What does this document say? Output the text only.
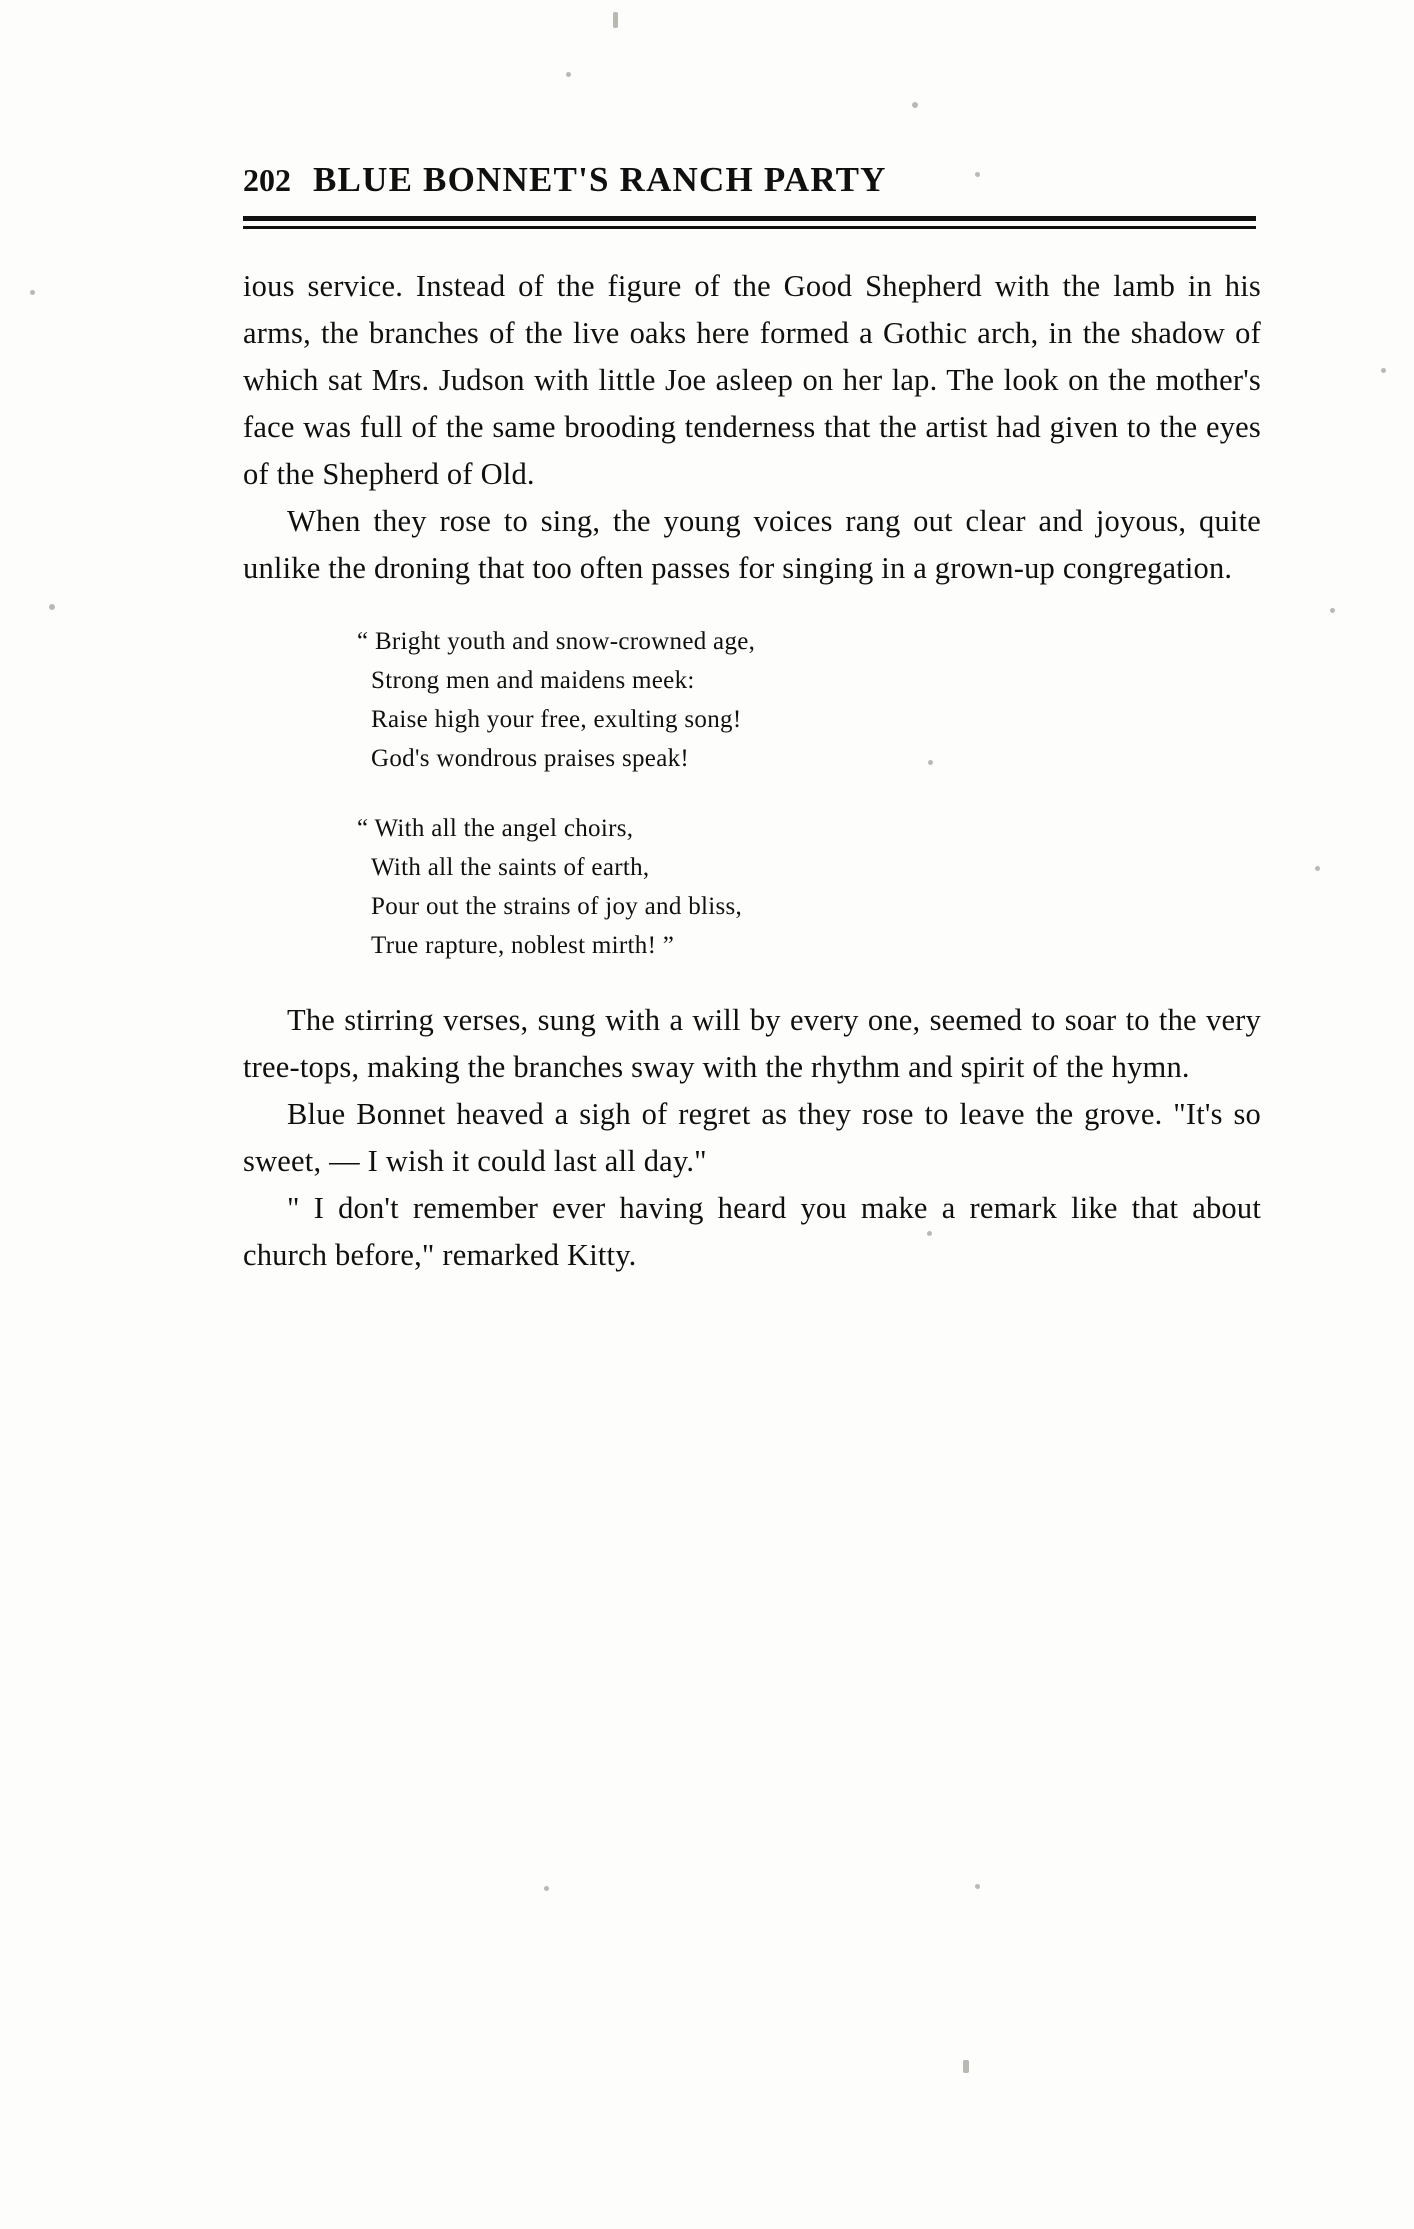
202 BLUE BONNET'S RANCH PARTY

ious service. Instead of the figure of the Good Shepherd with the lamb in his arms, the branches of the live oaks here formed a Gothic arch, in the shadow of which sat Mrs. Judson with little Joe asleep on her lap. The look on the mother's face was full of the same brooding tenderness that the artist had given to the eyes of the Shepherd of Old.

When they rose to sing, the young voices rang out clear and joyous, quite unlike the droning that too often passes for singing in a grown-up congregation.

“ Bright youth and snow-crowned age,
Strong men and maidens meek:
Raise high your free, exulting song!
God's wondrous praises speak!
“ With all the angel choirs,
With all the saints of earth,
Pour out the strains of joy and bliss,
True rapture, noblest mirth! ”

The stirring verses, sung with a will by every one, seemed to soar to the very tree-tops, making the branches sway with the rhythm and spirit of the hymn.

Blue Bonnet heaved a sigh of regret as they rose to leave the grove. "It's so sweet, — I wish it could last all day."

" I don't remember ever having heard you make a remark like that about church before," remarked Kitty.
